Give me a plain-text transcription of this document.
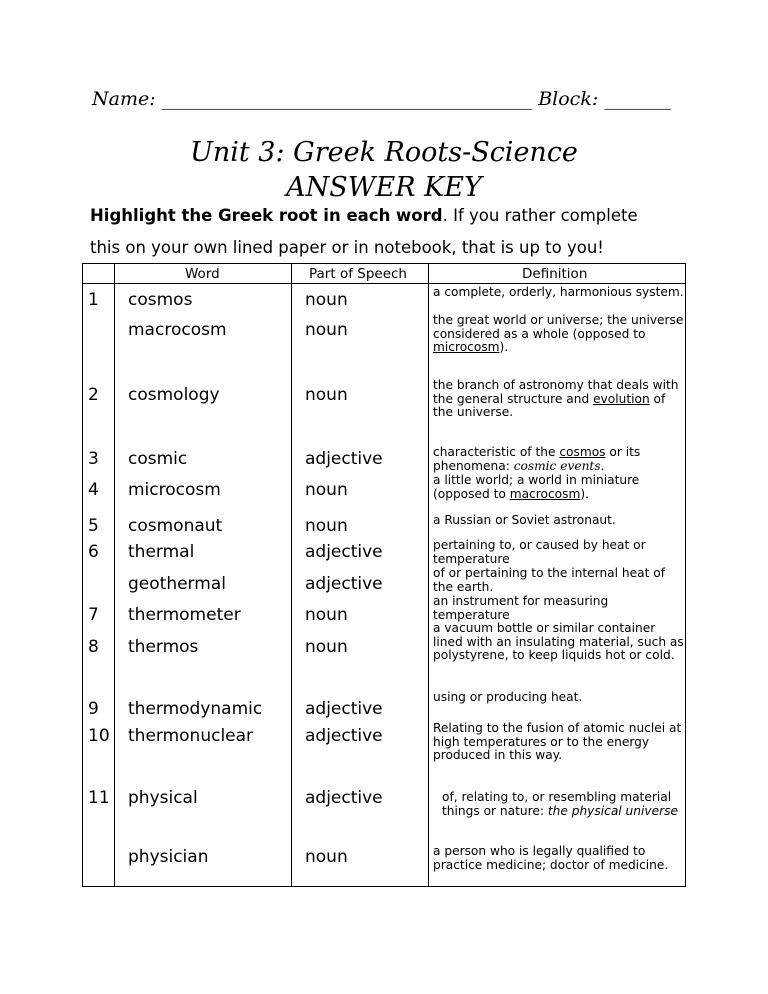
Name: _______________________________________ Block: _______
Unit 3: Greek Roots-Science
ANSWER KEY
Highlight the Greek root in each word. If you rather complete
this on your own lined paper or in notebook, that is up to you!
Word	Part of Speech	Definition
1
2
3
4
5
6
7
8
9
10
11
cosmos
macrocosm
cosmology
cosmic
microcosm
cosmonaut
thermal
geothermal
thermometer
thermos
thermodynamic
thermonuclear
physical
physician
noun
noun
noun
adjective
noun
noun
adjective
adjective
noun
noun
adjective
adjective
adjective
noun
a complete, orderly, harmonious system.
the great world or universe; the universe considered as a whole (opposed to microcosm).
the branch of astronomy that deals with the general structure and evolution of the universe.
characteristic of the cosmos or its phenomena: cosmic events.
a little world; a world in miniature (opposed to macrocosm).
a Russian or Soviet astronaut.
pertaining to, or caused by heat or temperature
of or pertaining to the internal heat of the earth.
an instrument for measuring temperature
a vacuum bottle or similar container lined with an insulating material, such as polystyrene, to keep liquids hot or cold.
using or producing heat.
Relating to the fusion of atomic nuclei at high temperatures or to the energy produced in this way.
of, relating to, or resembling material things or nature: the physical universe
a person who is legally qualified to practice medicine; doctor of medicine.
